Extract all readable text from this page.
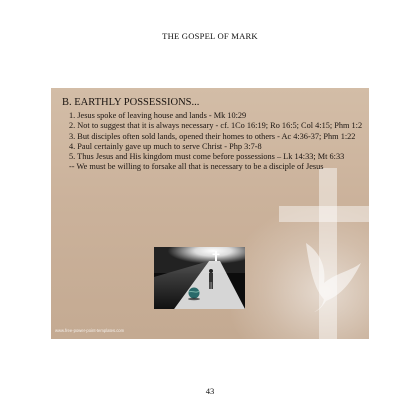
THE GOSPEL OF MARK
B. EARTHLY POSSESSIONS...

1. Jesus spoke of leaving house and lands - Mk 10:29

2. Not to suggest that it is always necessary - cf. 1Co 16:19; Ro 16:5; Col 4:15; Phm 1:2

3. But disciples often sold lands, opened their homes to others - Ac 4:36-37; Phm 1:22

4. Paul certainly gave up much to serve Christ - Php 3:7-8

5. Thus Jesus and His kingdom must come before possessions – Lk 14:33; Mt 6:33

-- We must be willing to forsake all that is necessary to be a disciple of Jesus

www.free-power-point-templates.com
43
